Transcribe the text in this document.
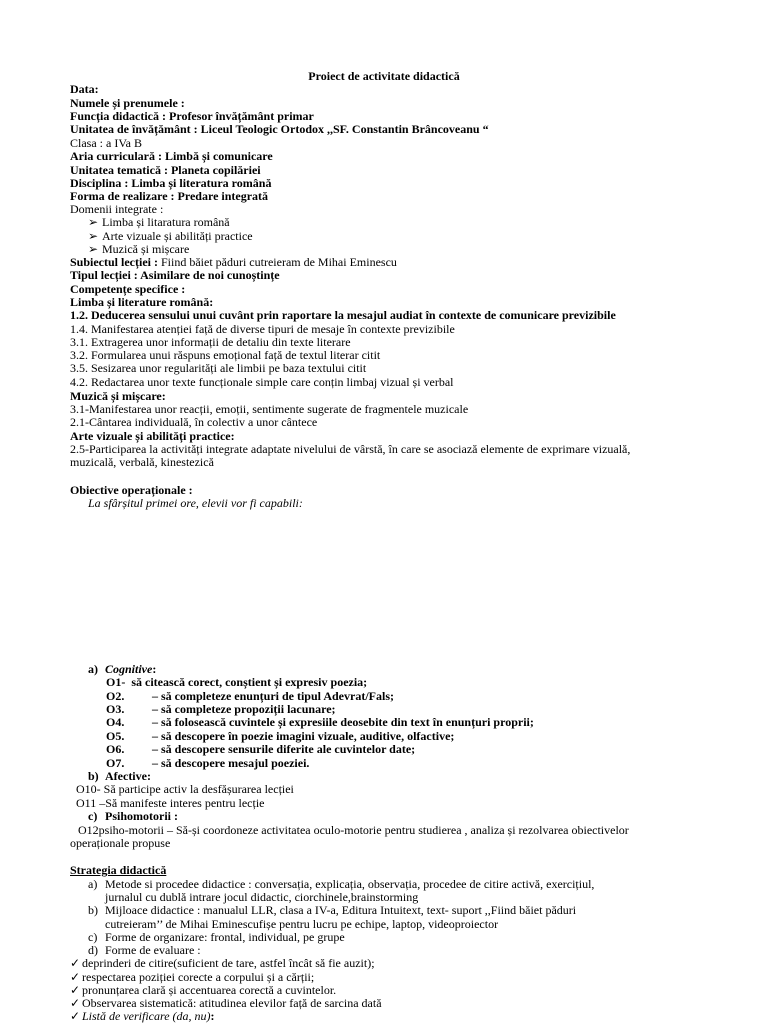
Proiect de activitate didactică
Data:
Numele și prenumele :
Funcția didactică : Profesor învățământ primar
Unitatea de învățământ : Liceul Teologic Ortodox ,,SF. Constantin Brâncoveanu “
Clasa : a IVa B
Aria curriculară : Limbă și comunicare
Unitatea tematică : Planeta copilăriei
Disciplina : Limba și literatura română
Forma de realizare : Predare integrată
Domenii integrate :
➢ Limba și litaratura română
➢ Arte vizuale și abilități practice
➢ Muzică și mișcare
Subiectul lecției : Fiind băiet păduri cutreieram de Mihai Eminescu
Tipul lecției : Asimilare de noi cunoștințe
Competențe specifice :
Limba și literature română:
1.2. Deducerea sensului unui cuvânt prin raportare la mesajul audiat în contexte de comunicare previzibile
1.4. Manifestarea atenției față de diverse tipuri de mesaje în contexte previzibile
3.1. Extragerea unor informații de detaliu din texte literare
3.2. Formularea unui răspuns emoțional față de textul literar citit
3.5. Sesizarea unor regularități ale limbii pe baza textului citit
4.2. Redactarea unor texte funcționale simple care conțin limbaj vizual și verbal
Muzică și mișcare:
3.1-Manifestarea unor reacții, emoții, sentimente sugerate de fragmentele muzicale
2.1-Cântarea individuală, în colectiv a unor cântece
Arte vizuale și abilități practice:
2.5-Participarea la activități integrate adaptate nivelului de vârstă, în care se asociază elemente de exprimare vizuală,
muzicală, verbală, kinestezică
Obiective operaționale :
La sfârșitul primei ore, elevii vor fi capabili:
a) Cognitive:
O1- să citească corect, conștient și expresiv poezia;
O2. – să completeze enunțuri de tipul Adevrat/Fals;
O3. – să completeze propoziții lacunare;
O4. – să folosească cuvintele și expresiile deosebite din text în enunțuri proprii;
O5. – să descopere în poezie imagini vizuale, auditive, olfactive;
O6. – să descopere sensurile diferite ale cuvintelor date;
O7. – să descopere mesajul poeziei.
b) Afective:
O10- Să participe activ la desfășurarea lecției
O11 –Să manifeste interes pentru lecție
c) Psihomotorii :
O12psiho-motorii – Să-și coordoneze activitatea oculo-motorie pentru studierea , analiza și rezolvarea obiectivelor
operaționale propuse
Strategia didactică
a) Metode si procedee didactice : conversația, explicația, observația, procedee de citire activă, exercițiul,
jurnalul cu dublă intrare jocul didactic, ciorchinele,brainstorming
b) Mijloace didactice : manualul LLR, clasa a IV-a, Editura Intuitext, text- suport ,,Fiind băiet păduri
cutreieram’’ de Mihai Eminescufișe pentru lucru pe echipe, laptop, videoproiector
c) Forme de organizare: frontal, individual, pe grupe
d) Forme de evaluare :
✓ deprinderi de citire(suficient de tare, astfel încât să fie auzit);
✓ respectarea poziției corecte a corpului și a cărții;
✓ pronunțarea clară și accentuarea corectă a cuvintelor.
✓ Observarea sistematică: atitudinea elevilor față de sarcina dată
✓ Listă de verificare (da, nu):
